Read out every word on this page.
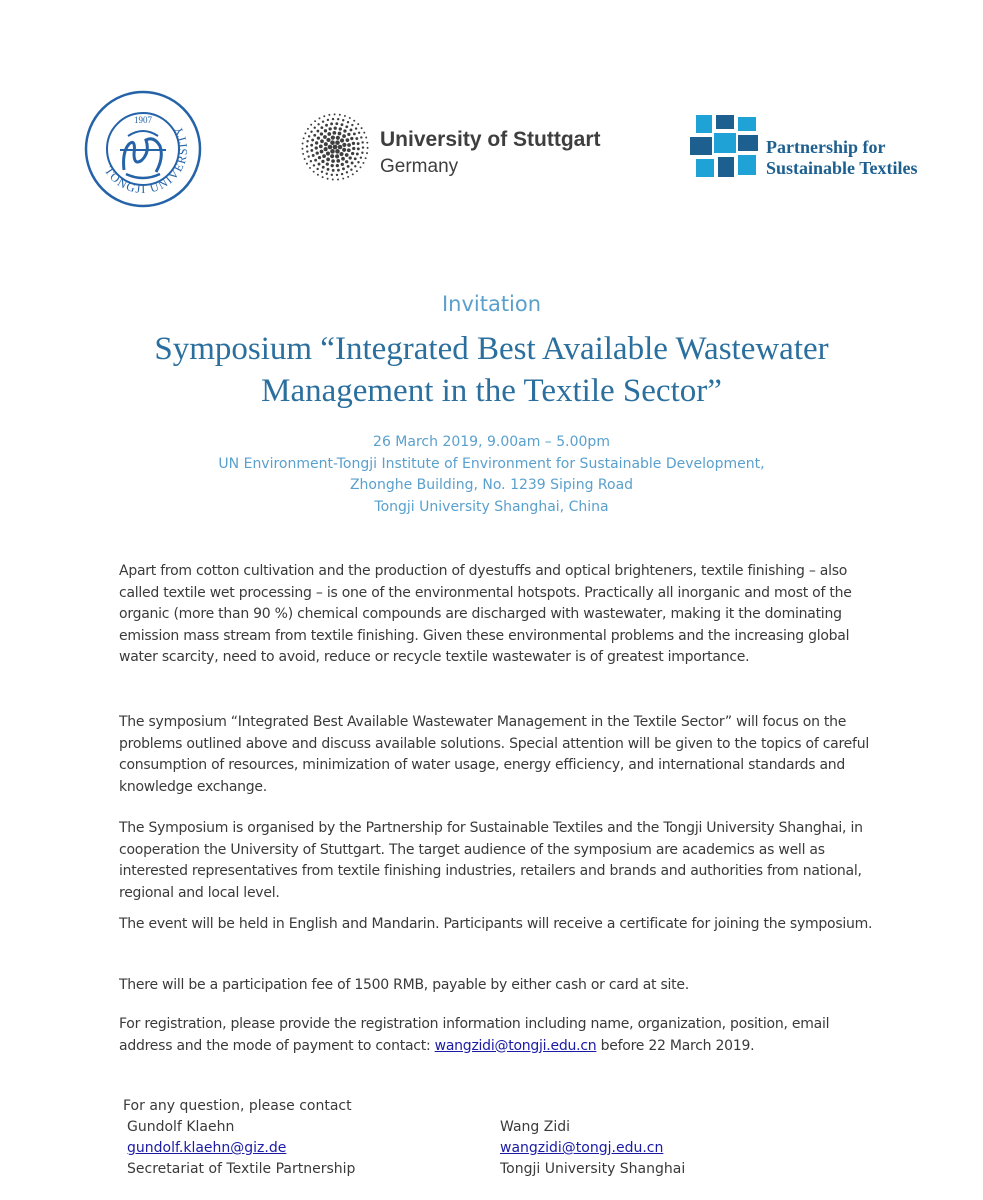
TONGJI UNIVERSITY
1907
University of Stuttgart
Germany
Partnership for
Sustainable Textiles
Invitation
Symposium “Integrated Best Available Wastewater
Management in the Textile Sector”
26 March 2019, 9.00am – 5.00pm
UN Environment-Tongji Institute of Environment for Sustainable Development,
Zhonghe Building, No. 1239 Siping Road
Tongji University Shanghai, China

Apart from cotton cultivation and the production of dyestuffs and optical brighteners, textile finishing – also called textile wet processing – is one of the environmental hotspots. Practically all inorganic and most of the organic (more than 90 %) chemical compounds are discharged with wastewater, making it the dominating emission mass stream from textile finishing. Given these environmental problems and the increasing global water scarcity, need to avoid, reduce or recycle textile wastewater is of greatest importance.

The symposium “Integrated Best Available Wastewater Management in the Textile Sector” will focus on the problems outlined above and discuss available solutions. Special attention will be given to the topics of careful consumption of resources, minimization of water usage, energy efficiency, and international standards and knowledge exchange.

The Symposium is organised by the Partnership for Sustainable Textiles and the Tongji University Shanghai, in cooperation the University of Stuttgart. The target audience of the symposium are academics as well as interested representatives from textile finishing industries, retailers and brands and authorities from national, regional and local level.

The event will be held in English and Mandarin. Participants will receive a certificate for joining the symposium.

There will be a participation fee of 1500 RMB, payable by either cash or card at site.

For registration, please provide the registration information including name, organization, position, email address and the mode of payment to contact: wangzidi@tongji.edu.cn before 22 March 2019.

For any question, please contact
Gundolf Klaehn
gundolf.klaehn@giz.de
Secretariat of Textile Partnership
Wang Zidi
wangzidi@tongj.edu.cn
Tongji University Shanghai
